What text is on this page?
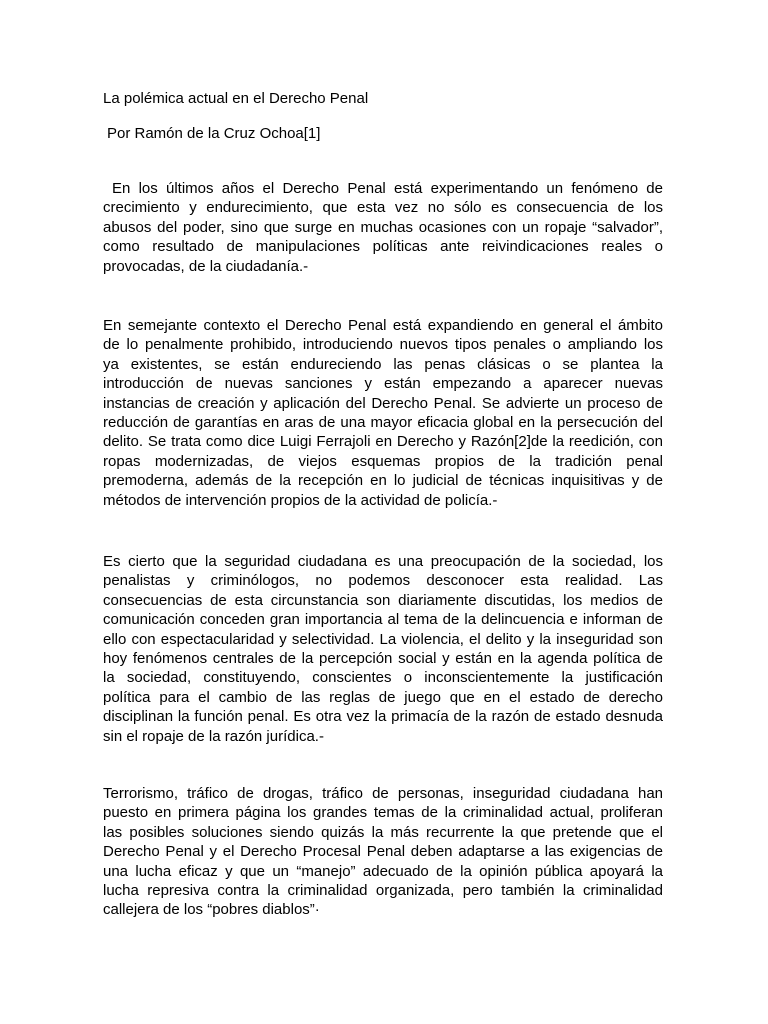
La polémica actual en el Derecho Penal
Por Ramón de la Cruz Ochoa[1]
En los últimos años el Derecho Penal está experimentando un fenómeno de
crecimiento y endurecimiento, que esta vez no sólo es consecuencia de los
abusos del poder, sino que surge en muchas ocasiones con un ropaje “salvador”,
como resultado de manipulaciones políticas ante reivindicaciones reales o
provocadas, de la ciudadanía.-
En semejante contexto el Derecho Penal está expandiendo en general el ámbito
de lo penalmente prohibido, introduciendo nuevos tipos penales o ampliando los
ya existentes, se están endureciendo las penas clásicas o se plantea la
introducción de nuevas sanciones y están empezando a aparecer nuevas
instancias de creación y aplicación del Derecho Penal. Se advierte un proceso de
reducción de garantías en aras de una mayor eficacia global en la persecución del
delito. Se trata como dice Luigi Ferrajoli en Derecho y Razón[2]de la reedición, con
ropas modernizadas, de viejos esquemas propios de la tradición penal
premoderna, además de la recepción en lo judicial de técnicas inquisitivas y de
métodos de intervención propios de la actividad de policía.-
Es cierto que la seguridad ciudadana es una preocupación de la sociedad, los
penalistas y criminólogos, no podemos desconocer esta realidad. Las
consecuencias de esta circunstancia son diariamente discutidas, los medios de
comunicación conceden gran importancia al tema de la delincuencia e informan de
ello con espectacularidad y selectividad. La violencia, el delito y la inseguridad son
hoy fenómenos centrales de la percepción social y están en la agenda política de
la sociedad, constituyendo, conscientes o inconscientemente la justificación
política para el cambio de las reglas de juego que en el estado de derecho
disciplinan la función penal. Es otra vez la primacía de la razón de estado desnuda
sin el ropaje de la razón jurídica.-
Terrorismo, tráfico de drogas, tráfico de personas, inseguridad ciudadana han
puesto en primera página los grandes temas de la criminalidad actual, proliferan
las posibles soluciones siendo quizás la más recurrente la que pretende que el
Derecho Penal y el Derecho Procesal Penal deben adaptarse a las exigencias de
una lucha eficaz y que un “manejo” adecuado de la opinión pública apoyará la
lucha represiva contra la criminalidad organizada, pero también la criminalidad
callejera de los “pobres diablos”·
